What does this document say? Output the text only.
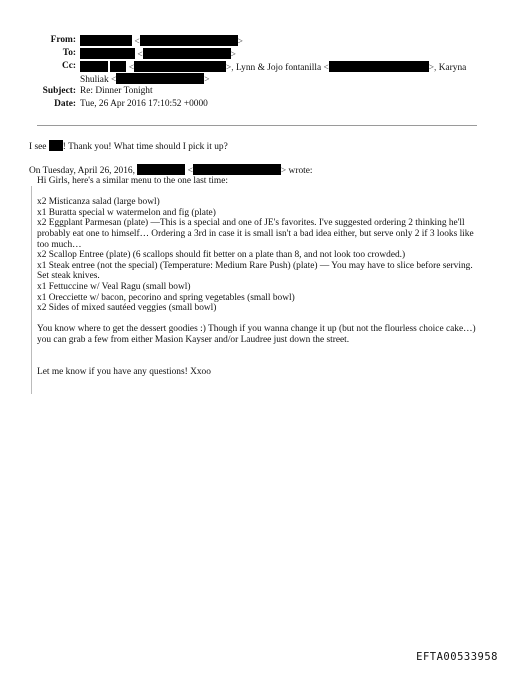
From:	<	>
To:	<	>
Cc:	<	>, Lynn & Jojo fontanilla <	>, Karyna
Shuliak <	>
Subject: Re: Dinner Tonight
Date: Tue, 26 Apr 2016 17:10:52 +0000
I see ! Thank you! What time should I pick it up?
On Tuesday, April 26, 2016,	<	> wrote:

Hi Girls, here's a similar menu to the one last time:

x2 Misticanza salad (large bowl)

x1 Buratta special w watermelon and fig (plate)

x2 Eggplant Parmesan (plate) —This is a special and one of JE's favorites. I've suggested ordering 2 thinking he'll probably eat one to himself… Ordering a 3rd in case it is small isn't a bad idea either, but serve only 2 if 3 looks like too much…

x2 Scallop Entree (plate) (6 scallops should fit better on a plate than 8, and not look too crowded.)

x1 Steak entree (not the special) (Temperature: Medium Rare Push) (plate) — You may have to slice before serving. Set steak knives.

x1 Fettuccine w/ Veal Ragu (small bowl)

x1 Orecciette w/ bacon, pecorino and spring vegetables (small bowl)

x2 Sides of mixed sautéed veggies (small bowl)

You know where to get the dessert goodies :) Though if you wanna change it up (but not the flourless choice cake…) you can grab a few from either Masion Kayser and/or Laudree just down the street.

Let me know if you have any questions! Xxoo

EFTA00533958
